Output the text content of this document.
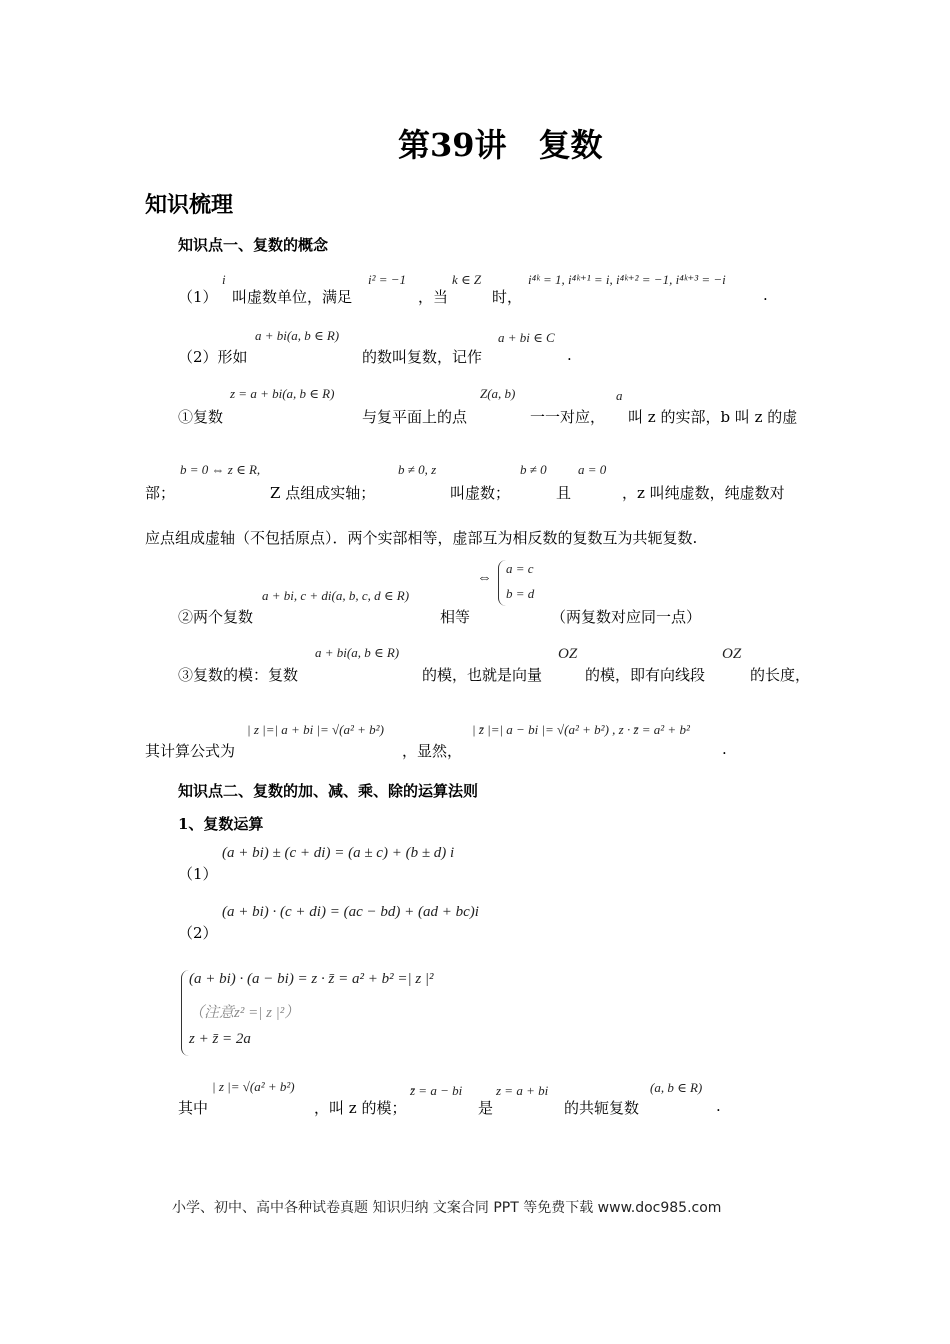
第39讲　复数
知识梳理
知识点一、复数的概念
（1）
i
叫虚数单位，满足
i² = −1
，当
k ∈ Z
时，
i⁴ᵏ = 1, i⁴ᵏ⁺¹ = i, i⁴ᵏ⁺² = −1, i⁴ᵏ⁺³ = −i
.
（2）形如
a + bi(a, b ∈ R)
的数叫复数，记作
a + bi ∈ C
.
①复数
z = a + bi(a, b ∈ R)
与复平面上的点
Z(a, b)
一一对应，
a
叫 z 的实部，b 叫 z 的虚
部；
b = 0 ⇔ z ∈ R,
Z 点组成实轴；
b ≠ 0, z
叫虚数；
b ≠ 0
且
a = 0
，z 叫纯虚数，纯虚数对
应点组成虚轴（不包括原点）．两个实部相等，虚部互为相反数的复数互为共轭复数.
②两个复数
a + bi, c + di(a, b, c, d ∈ R)
相等
⇔
a = c
b = d
（两复数对应同一点）
③复数的模：复数
a + bi(a, b ∈ R)
的模，也就是向量
OZ
的模，即有向线段
OZ
的长度，
其计算公式为
| z |=| a + bi |= √(a² + b²)
，显然，
| z̄ |=| a − bi |= √(a² + b²) , z · z̄ = a² + b²
.
知识点二、复数的加、减、乘、除的运算法则
1、复数运算
（1）
(a + bi) ± (c + di) = (a ± c) + (b ± d) i
（2）
(a + bi) · (c + di) = (ac − bd) + (ad + bc)i
(a + bi) · (a − bi) = z · z̄ = a² + b² =| z |²
（注意z² =| z |²）
z + z̄ = 2a
其中
| z |= √(a² + b²)
，叫 z 的模；
z̄ = a − bi
是
z = a + bi
的共轭复数
(a, b ∈ R)
.
小学、初中、高中各种试卷真题 知识归纳 文案合同 PPT 等免费下载 www.doc985.com
